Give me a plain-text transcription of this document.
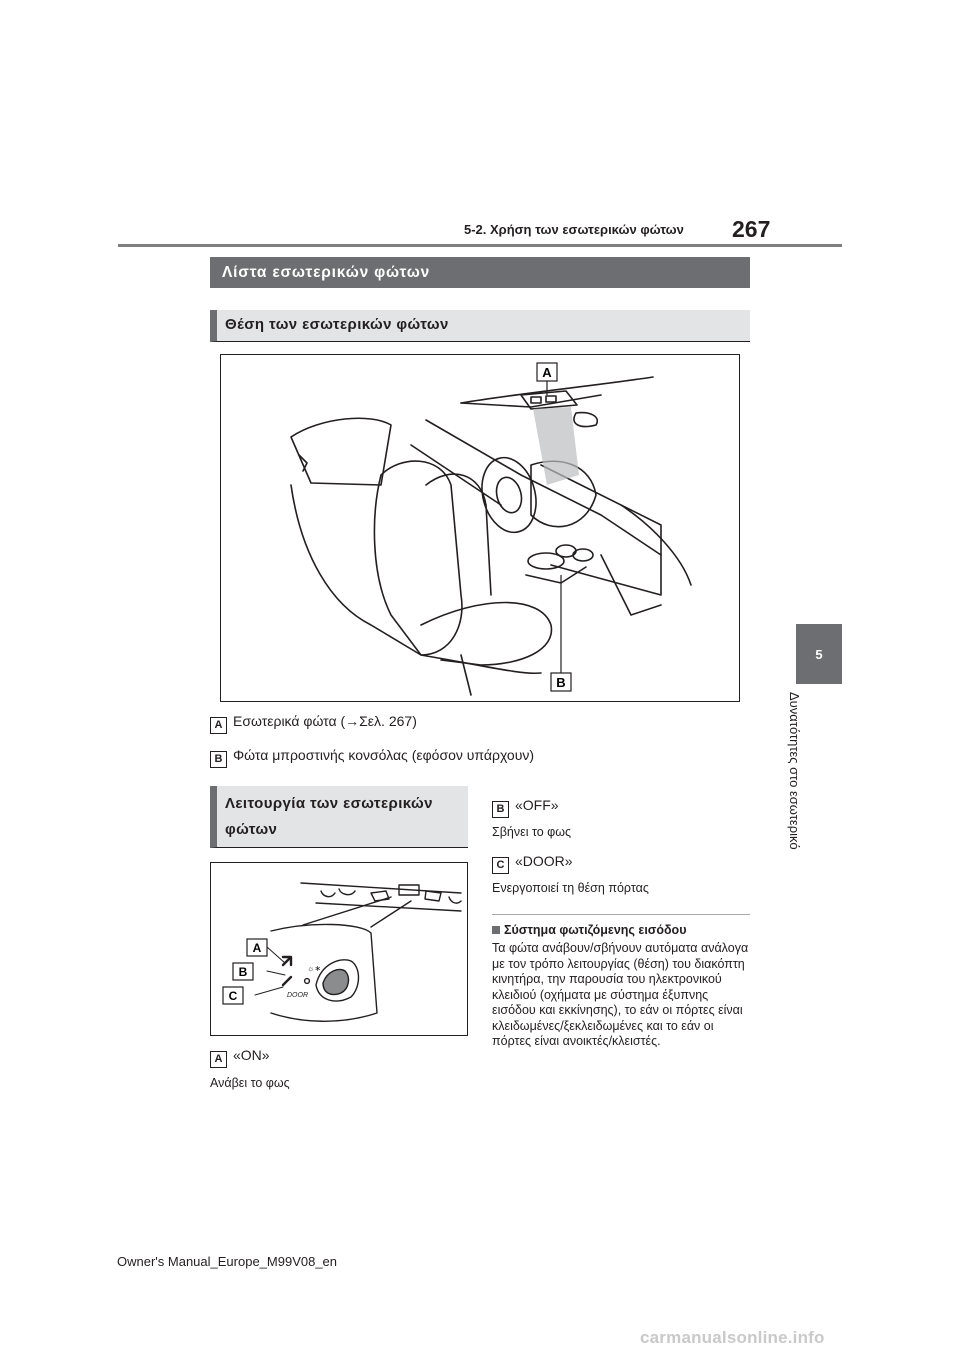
5-2. Χρήση των εσωτερικών φώτων 267
5
Δυνατότητες στο εσωτερικό
Λίστα εσωτερικών φώτων
Θέση των εσωτερικών φώτων
A
B
A Εσωτερικά φώτα (→Σελ. 267)
B Φώτα μπροστινής κονσόλας (εφόσον υπάρχουν)
Λειτουργία των εσωτερικών φώτων
☼∗
DOOR
A
B
C
A «ON»
Ανάβει το φως
B «OFF»
Σβήνει το φως
C «DOOR»
Ενεργοποιεί τη θέση πόρτας
Σύστημα φωτιζόμενης εισόδου
Τα φώτα ανάβουν/σβήνουν αυτόματα ανάλογα με τον τρόπο λειτουργίας (θέση) του διακόπτη κινητήρα, την παρουσία του ηλεκτρονικού κλειδιού (οχήματα με σύστημα έξυπνης εισόδου και εκκίνησης), το εάν οι πόρτες είναι κλειδωμένες/ξεκλειδωμένες και το εάν οι πόρτες είναι ανοικτές/κλειστές.
Owner's Manual_Europe_M99V08_en
carmanualsonline.info
